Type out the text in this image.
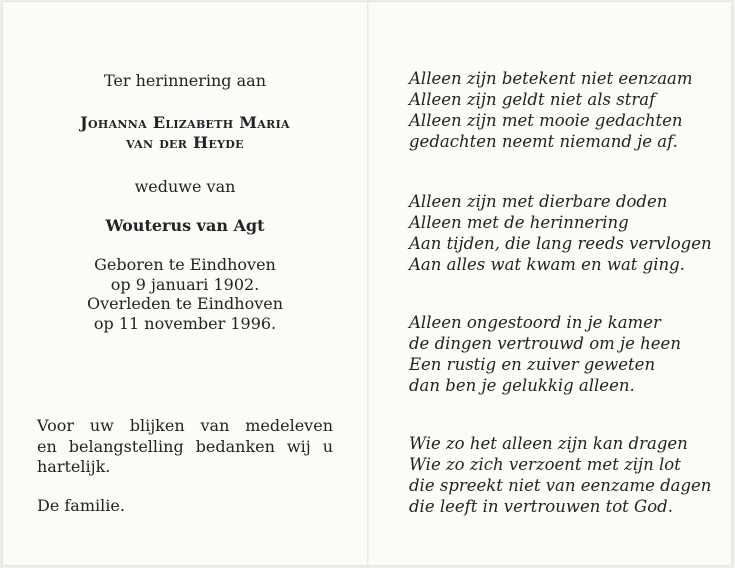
Ter herinnering aan
Johanna Elizabeth Maria
van der Heyde
weduwe van
Wouterus van Agt
Geboren te Eindhoven
op 9 januari 1902.
Overleden te Eindhoven
op 11 november 1996.
Voor uw blijken van medeleven
en belangstelling bedanken wij u
hartelijk.
De familie.
Alleen zijn betekent niet eenzaam
Alleen zijn geldt niet als straf
Alleen zijn met mooie gedachten
gedachten neemt niemand je af.
Alleen zijn met dierbare doden
Alleen met de herinnering
Aan tijden, die lang reeds vervlogen
Aan alles wat kwam en wat ging.
Alleen ongestoord in je kamer
de dingen vertrouwd om je heen
Een rustig en zuiver geweten
dan ben je gelukkig alleen.
Wie zo het alleen zijn kan dragen
Wie zo zich verzoent met zijn lot
die spreekt niet van eenzame dagen
die leeft in vertrouwen tot God.
